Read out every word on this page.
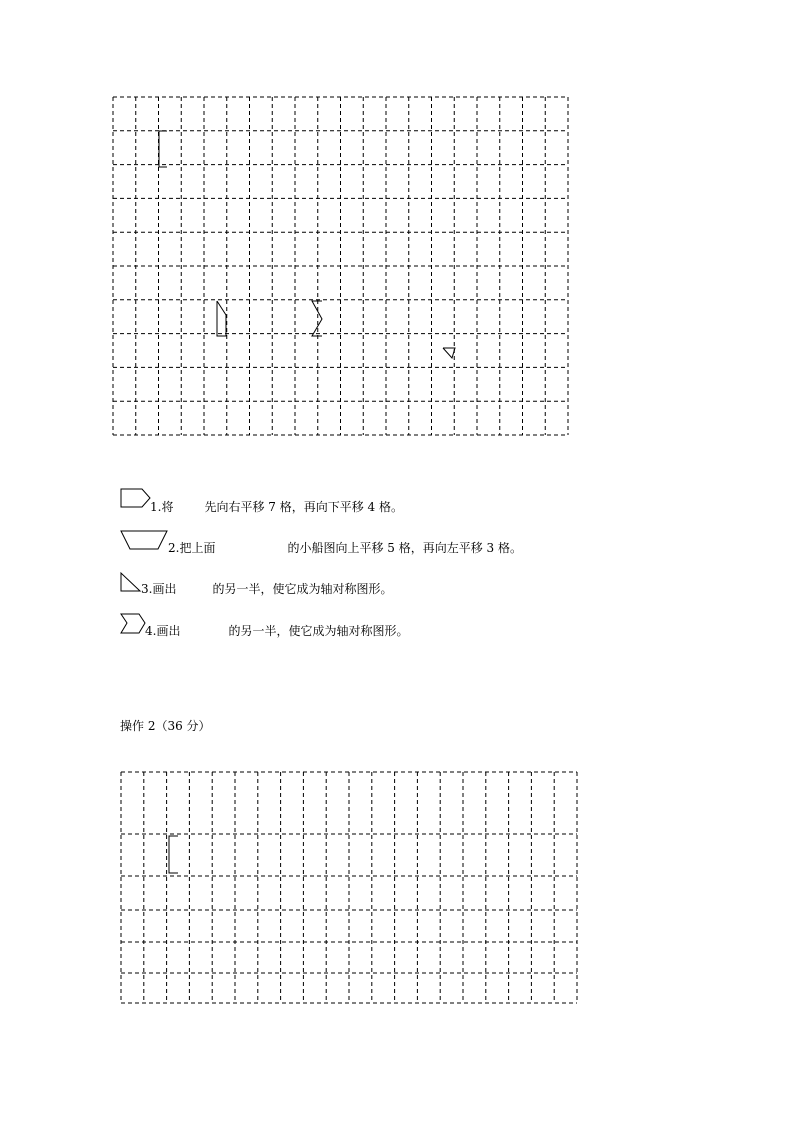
1.将	先向右平移 7 格，再向下平移 4 格。
2.把上面	的小船图向上平移 5 格，再向左平移 3 格。
3.画出	的另一半，使它成为轴对称图形。
4.画出	的另一半，使它成为轴对称图形。
操作 2（36 分）
